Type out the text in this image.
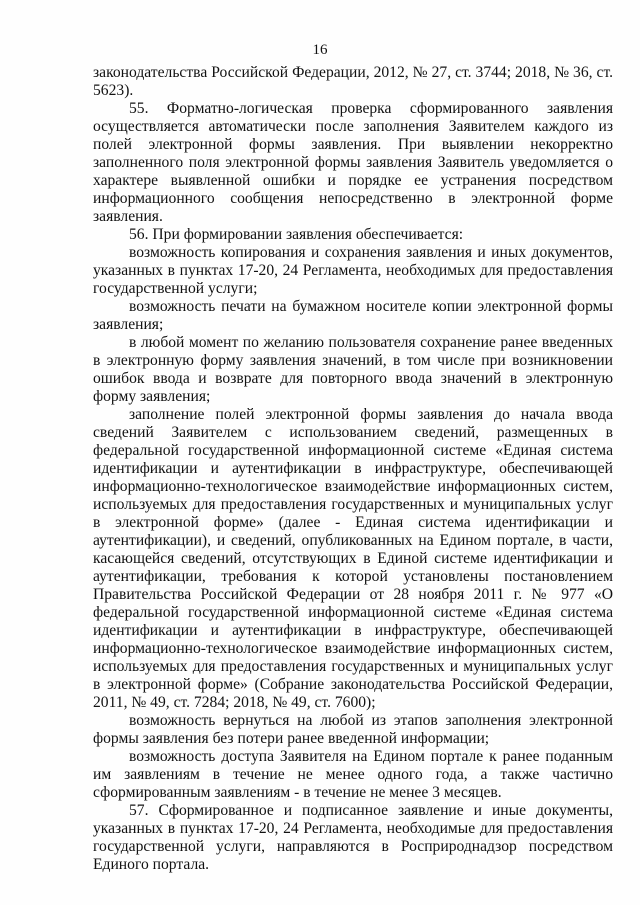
16

законодательства Российской Федерации, 2012, № 27, ст. 3744; 2018, № 36, ст. 5623).

55. Форматно-логическая проверка сформированного заявления осуществляется автоматически после заполнения Заявителем каждого из полей электронной формы заявления. При выявлении некорректно заполненного поля электронной формы заявления Заявитель уведомляется о характере выявленной ошибки и порядке ее устранения посредством информационного сообщения непосредственно в электронной форме заявления.

56. При формировании заявления обеспечивается:

возможность копирования и сохранения заявления и иных документов, указанных в пунктах 17-20, 24 Регламента, необходимых для предоставления государственной услуги;

возможность печати на бумажном носителе копии электронной формы заявления;

в любой момент по желанию пользователя сохранение ранее введенных в электронную форму заявления значений, в том числе при возникновении ошибок ввода и возврате для повторного ввода значений в электронную форму заявления;

заполнение полей электронной формы заявления до начала ввода сведений Заявителем с использованием сведений, размещенных в федеральной государственной информационной системе «Единая система идентификации и аутентификации в инфраструктуре, обеспечивающей информационно-технологическое взаимодействие информационных систем, используемых для предоставления государственных и муниципальных услуг в электронной форме» (далее - Единая система идентификации и аутентификации), и сведений, опубликованных на Едином портале, в части, касающейся сведений, отсутствующих в Единой системе идентификации и аутентификации, требования к которой установлены постановлением Правительства Российской Федерации от 28 ноября 2011 г. № 977 «О федеральной государственной информационной системе «Единая система идентификации и аутентификации в инфраструктуре, обеспечивающей информационно-технологическое взаимодействие информационных систем, используемых для предоставления государственных и муниципальных услуг в электронной форме» (Собрание законодательства Российской Федерации, 2011, № 49, ст. 7284; 2018, № 49, ст. 7600);

возможность вернуться на любой из этапов заполнения электронной формы заявления без потери ранее введенной информации;

возможность доступа Заявителя на Едином портале к ранее поданным им заявлениям в течение не менее одного года, а также частично сформированным заявлениям - в течение не менее 3 месяцев.

57. Сформированное и подписанное заявление и иные документы, указанных в пунктах 17-20, 24 Регламента, необходимые для предоставления государственной услуги, направляются в Росприроднадзор посредством Единого портала.
